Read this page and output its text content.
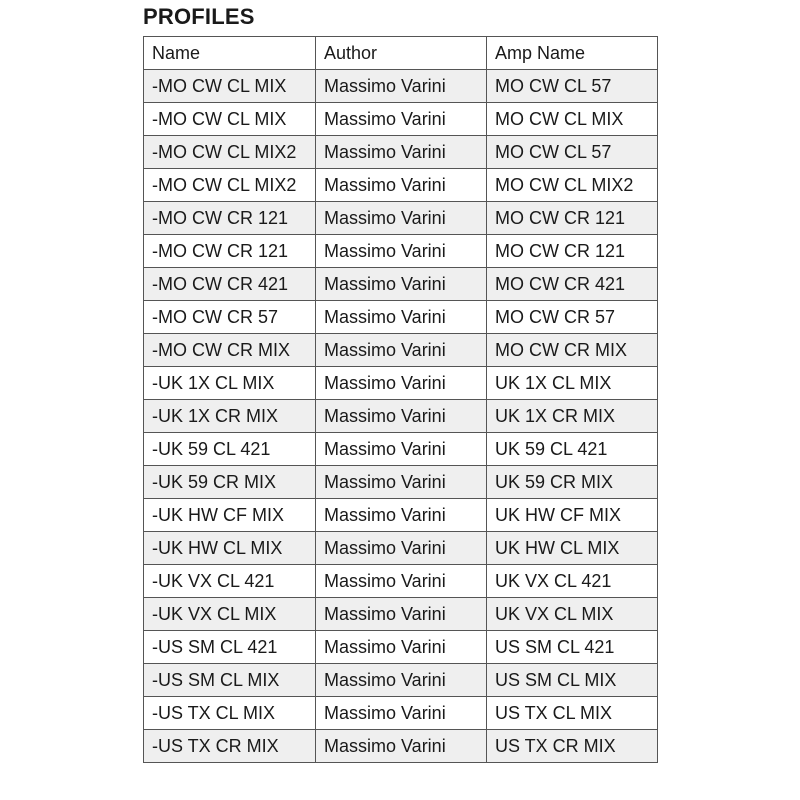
PROFILES
Name	Author	Amp Name
-MO CW CL MIX	Massimo Varini	MO CW CL 57
-MO CW CL MIX	Massimo Varini	MO CW CL MIX
-MO CW CL MIX2	Massimo Varini	MO CW CL 57
-MO CW CL MIX2	Massimo Varini	MO CW CL MIX2
-MO CW CR 121	Massimo Varini	MO CW CR 121
-MO CW CR 121	Massimo Varini	MO CW CR 121
-MO CW CR 421	Massimo Varini	MO CW CR 421
-MO CW CR 57	Massimo Varini	MO CW CR 57
-MO CW CR MIX	Massimo Varini	MO CW CR MIX
-UK 1X CL MIX	Massimo Varini	UK 1X CL MIX
-UK 1X CR MIX	Massimo Varini	UK 1X CR MIX
-UK 59 CL 421	Massimo Varini	UK 59 CL 421
-UK 59 CR MIX	Massimo Varini	UK 59 CR MIX
-UK HW CF MIX	Massimo Varini	UK HW CF MIX
-UK HW CL MIX	Massimo Varini	UK HW CL MIX
-UK VX CL 421	Massimo Varini	UK VX CL 421
-UK VX CL MIX	Massimo Varini	UK VX CL MIX
-US SM CL 421	Massimo Varini	US SM CL 421
-US SM CL MIX	Massimo Varini	US SM CL MIX
-US TX CL MIX	Massimo Varini	US TX CL MIX
-US TX CR MIX	Massimo Varini	US TX CR MIX
